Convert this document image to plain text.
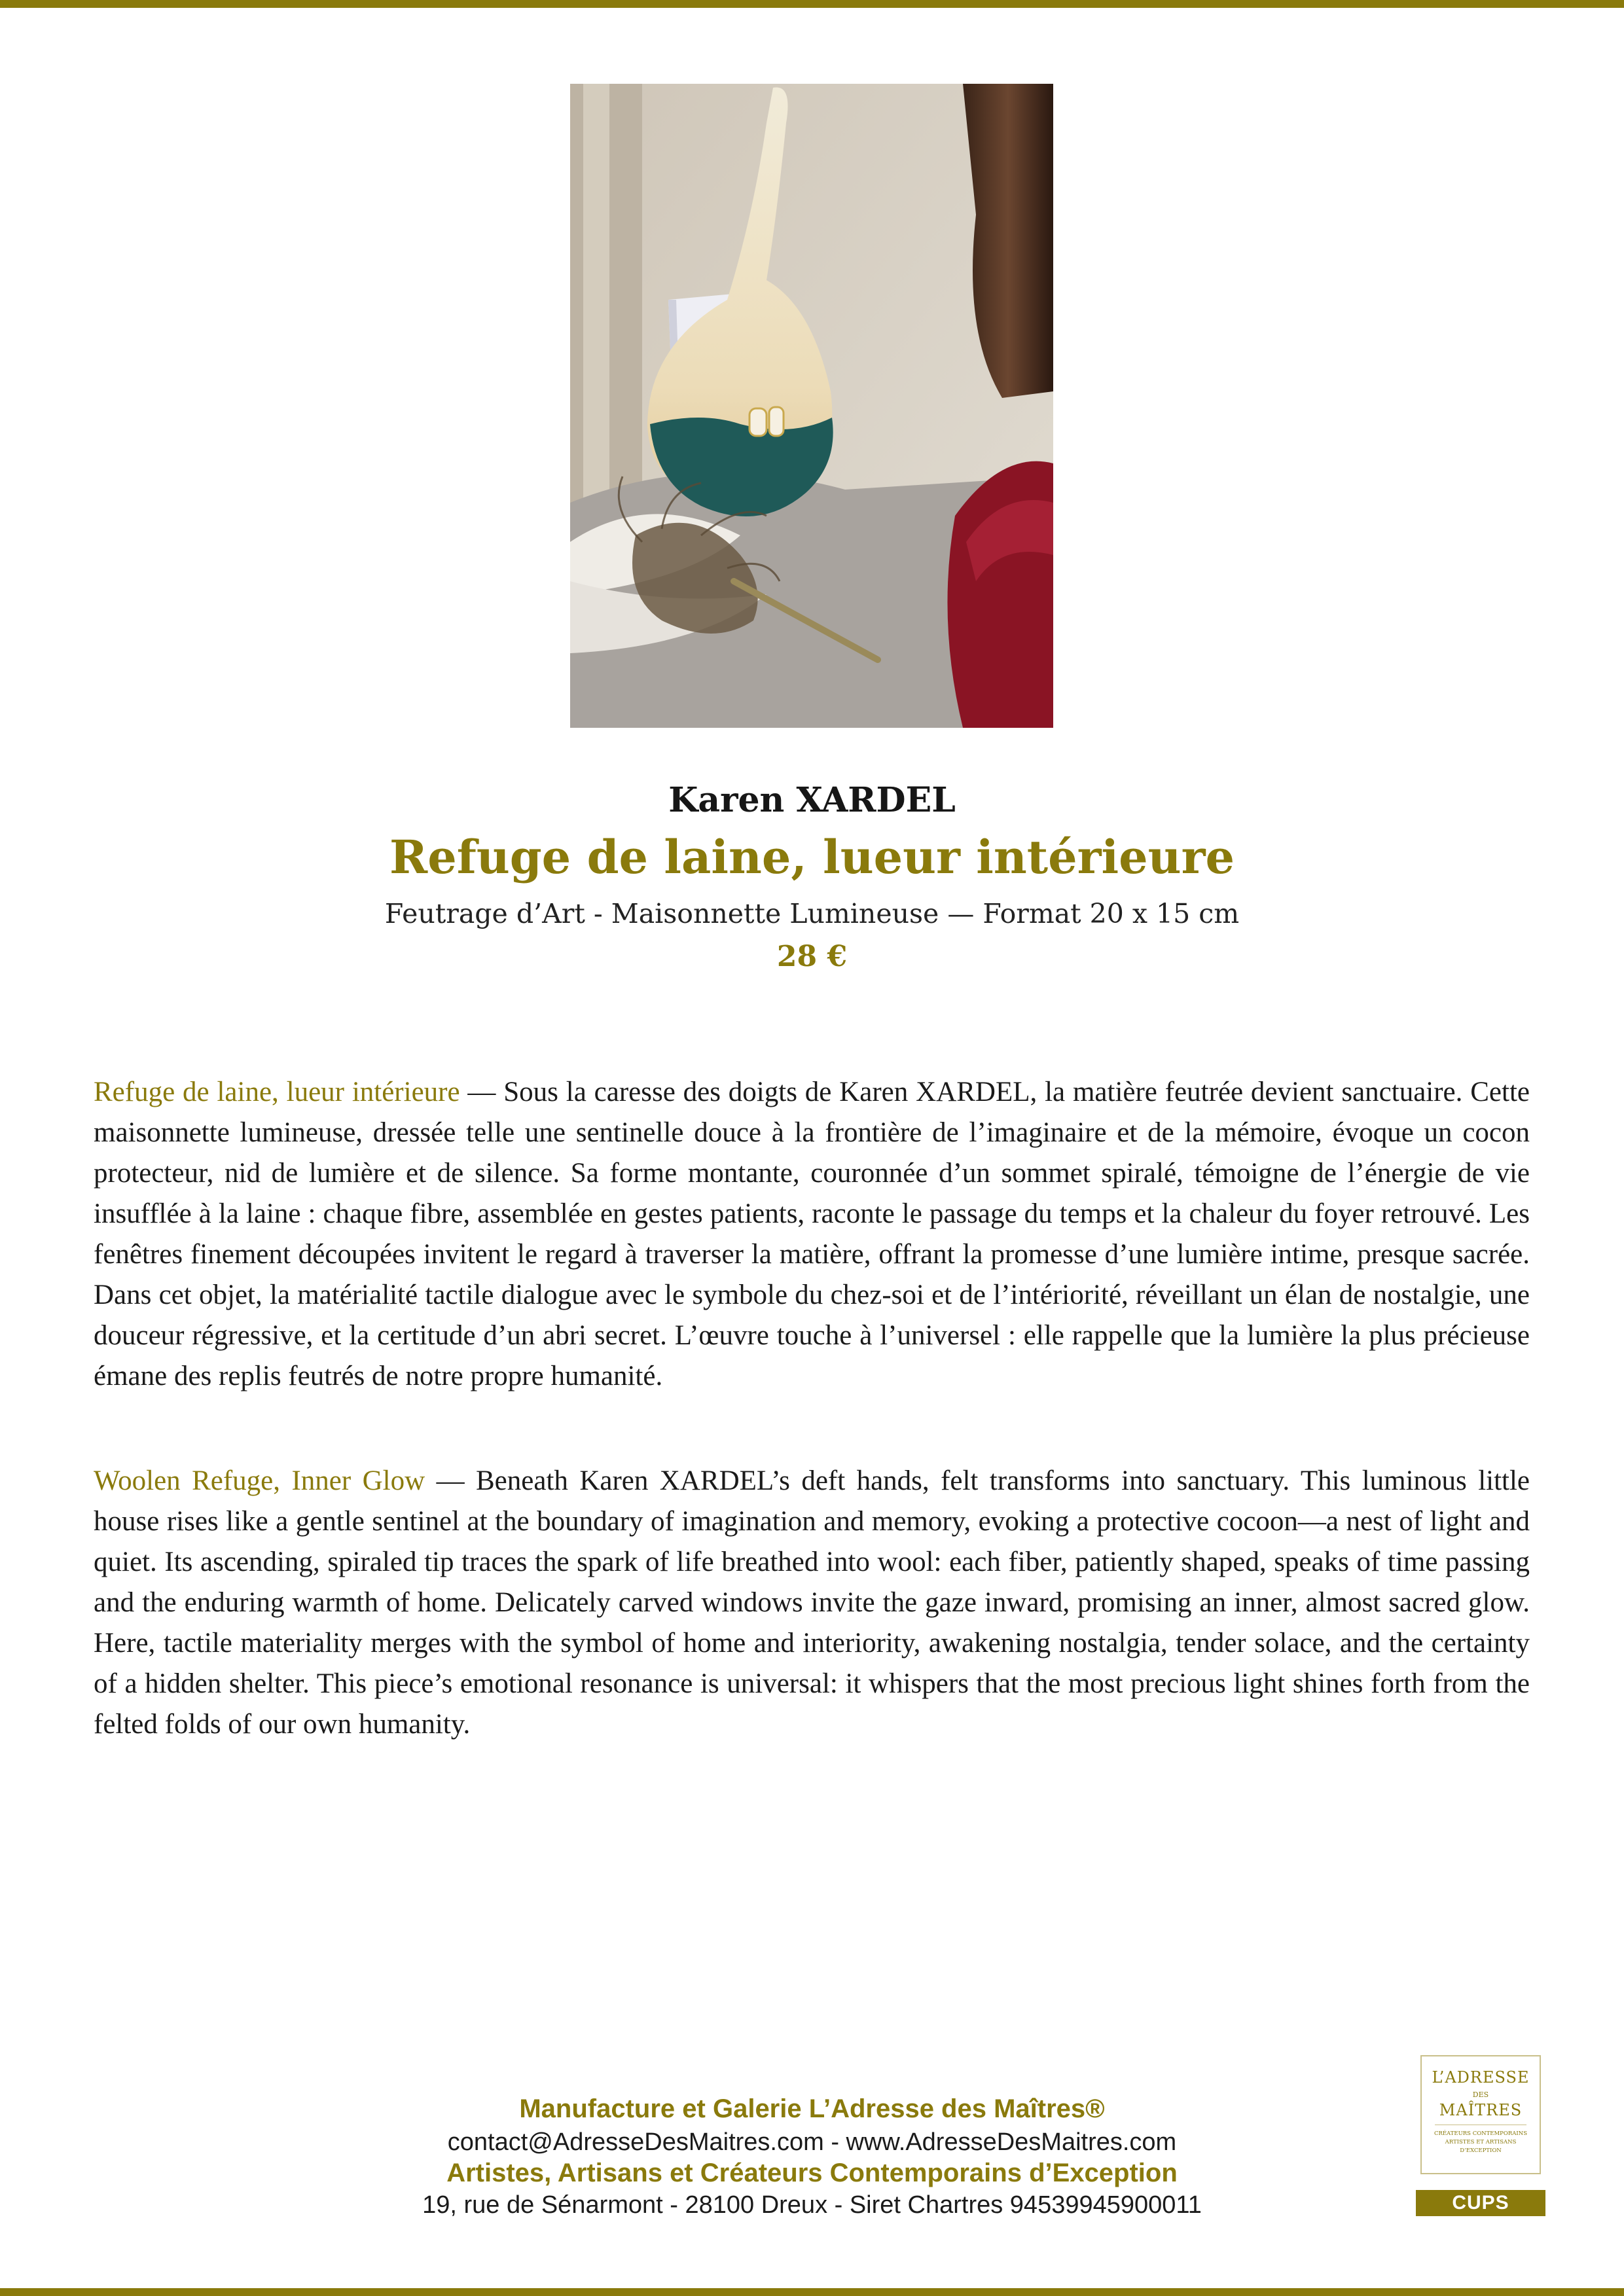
Karen XARDEL
Refuge de laine, lueur intérieure
Feutrage d’Art - Maisonnette Lumineuse — Format 20 x 15 cm
28 €

Refuge de laine, lueur intérieure — Sous la caresse des doigts de Karen XARDEL, la matière feutrée devient sanctuaire. Cette maisonnette lumineuse, dressée telle une sentinelle douce à la frontière de l’imaginaire et de la mémoire, évoque un cocon protecteur, nid de lumière et de silence. Sa forme montante, couronnée d’un sommet spiralé, témoigne de l’énergie de vie insufflée à la laine : chaque fibre, assemblée en gestes patients, raconte le passage du temps et la chaleur du foyer retrouvé. Les fenêtres finement découpées invitent le regard à traverser la matière, offrant la promesse d’une lumière intime, presque sacrée. Dans cet objet, la matérialité tactile dialogue avec le symbole du chez-soi et de l’intériorité, réveillant un élan de nostalgie, une douceur régressive, et la certitude d’un abri secret. L’œuvre touche à l’universel : elle rappelle que la lumière la plus précieuse émane des replis feutrés de notre propre humanité.

Woolen Refuge, Inner Glow — Beneath Karen XARDEL’s deft hands, felt transforms into sanctuary. This luminous little house rises like a gentle sentinel at the boundary of imagination and memory, evoking a protective cocoon—a nest of light and quiet. Its ascending, spiraled tip traces the spark of life breathed into wool: each fiber, patiently shaped, speaks of time passing and the enduring warmth of home. Delicately carved windows invite the gaze inward, promising an inner, almost sacred glow. Here, tactile materiality merges with the symbol of home and interiority, awakening nostalgia, tender solace, and the certainty of a hidden shelter. This piece’s emotional resonance is universal: it whispers that the most precious light shines forth from the felted folds of our own humanity.

Manufacture et Galerie L’Adresse des Maîtres®
contact@AdresseDesMaitres.com - www.AdresseDesMaitres.com
Artistes, Artisans et Créateurs Contemporains d’Exception
19, rue de Sénarmont - 28100 Dreux - Siret Chartres 94539945900011
L’ADRESSE
DES
MAÎTRES
CRÉATEURS CONTEMPORAINS ARTISTES ET ARTISANS D’EXCEPTION
CUPS
